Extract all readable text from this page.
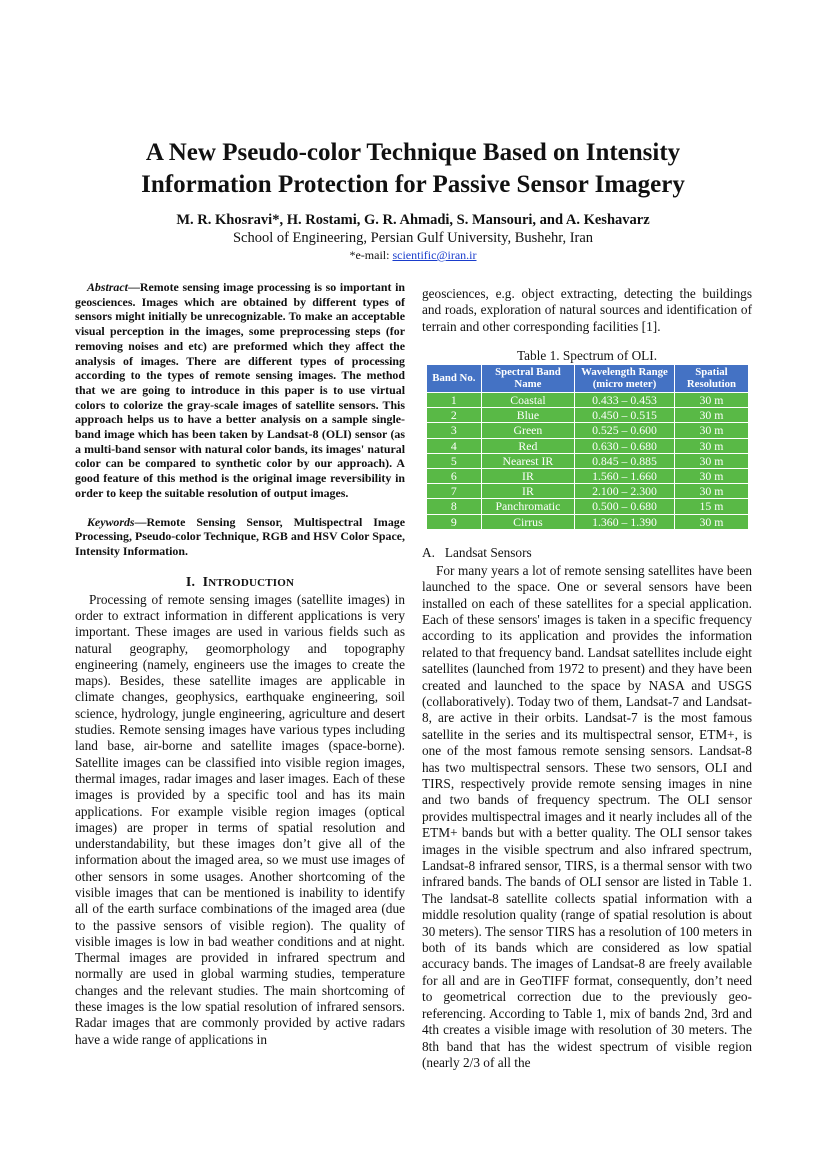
A New Pseudo-color Technique Based on Intensity
Information Protection for Passive Sensor Imagery
M. R. Khosravi*, H. Rostami, G. R. Ahmadi, S. Mansouri, and A. Keshavarz
School of Engineering, Persian Gulf University, Bushehr, Iran
*e-mail: scientific@iran.ir

Abstract—Remote sensing image processing is so important in geosciences. Images which are obtained by different types of sensors might initially be unrecognizable. To make an acceptable visual perception in the images, some preprocessing steps (for removing noises and etc) are preformed which they affect the analysis of images. There are different types of processing according to the types of remote sensing images. The method that we are going to introduce in this paper is to use virtual colors to colorize the gray-scale images of satellite sensors. This approach helps us to have a better analysis on a sample single-band image which has been taken by Landsat-8 (OLI) sensor (as a multi-band sensor with natural color bands, its images' natural color can be compared to synthetic color by our approach). A good feature of this method is the original image reversibility in order to keep the suitable resolution of output images.

Keywords—Remote Sensing Sensor, Multispectral Image Processing, Pseudo-color Technique, RGB and HSV Color Space, Intensity Information.

I. INTRODUCTION

Processing of remote sensing images (satellite images) in order to extract information in different applications is very important. These images are used in various fields such as natural geography, geomorphology and topography engineering (namely, engineers use the images to create the maps). Besides, these satellite images are applicable in climate changes, geophysics, earthquake engineering, soil science, hydrology, jungle engineering, agriculture and desert studies. Remote sensing images have various types including land base, air-borne and satellite images (space-borne). Satellite images can be classified into visible region images, thermal images, radar images and laser images. Each of these images is provided by a specific tool and has its main applications. For example visible region images (optical images) are proper in terms of spatial resolution and understandability, but these images don’t give all of the information about the imaged area, so we must use images of other sensors in some usages. Another shortcoming of the visible images that can be mentioned is inability to identify all of the earth surface combinations of the imaged area (due to the passive sensors of visible region). The quality of visible images is low in bad weather conditions and at night. Thermal images are provided in infrared spectrum and normally are used in global warming studies, temperature changes and the relevant studies. The main shortcoming of these images is the low spatial resolution of infrared sensors. Radar images that are commonly provided by active radars have a wide range of applications in

geosciences, e.g. object extracting, detecting the buildings and roads, exploration of natural sources and identification of terrain and other corresponding facilities [1].

Table 1. Spectrum of OLI.
Band No.	Spectral Band Name	Wavelength Range (micro meter)	Spatial Resolution
1	Coastal	0.433 – 0.453	30 m
2	Blue	0.450 – 0.515	30 m
3	Green	0.525 – 0.600	30 m
4	Red	0.630 – 0.680	30 m
5	Nearest IR	0.845 – 0.885	30 m
6	IR	1.560 – 1.660	30 m
7	IR	2.100 – 2.300	30 m
8	Panchromatic	0.500 – 0.680	15 m
9	Cirrus	1.360 – 1.390	30 m
A.   Landsat Sensors

For many years a lot of remote sensing satellites have been launched to the space. One or several sensors have been installed on each of these satellites for a special application. Each of these sensors' images is taken in a specific frequency according to its application and provides the information related to that frequency band. Landsat satellites include eight satellites (launched from 1972 to present) and they have been created and launched to the space by NASA and USGS (collaboratively). Today two of them, Landsat-7 and Landsat-8, are active in their orbits. Landsat-7 is the most famous satellite in the series and its multispectral sensor, ETM+, is one of the most famous remote sensing sensors. Landsat-8 has two multispectral sensors. These two sensors, OLI and TIRS, respectively provide remote sensing images in nine and two bands of frequency spectrum. The OLI sensor provides multispectral images and it nearly includes all of the ETM+ bands but with a better quality. The OLI sensor takes images in the visible spectrum and also infrared spectrum, Landsat-8 infrared sensor, TIRS, is a thermal sensor with two infrared bands. The bands of OLI sensor are listed in Table 1. The landsat-8 satellite collects spatial information with a middle resolution quality (range of spatial resolution is about 30 meters). The sensor TIRS has a resolution of 100 meters in both of its bands which are considered as low spatial accuracy bands. The images of Landsat-8 are freely available for all and are in GeoTIFF format, consequently, don’t need to geometrical correction due to the previously geo-referencing. According to Table 1, mix of bands 2nd, 3rd and 4th creates a visible image with resolution of 30 meters. The 8th band that has the widest spectrum of visible region (nearly 2/3 of all the
